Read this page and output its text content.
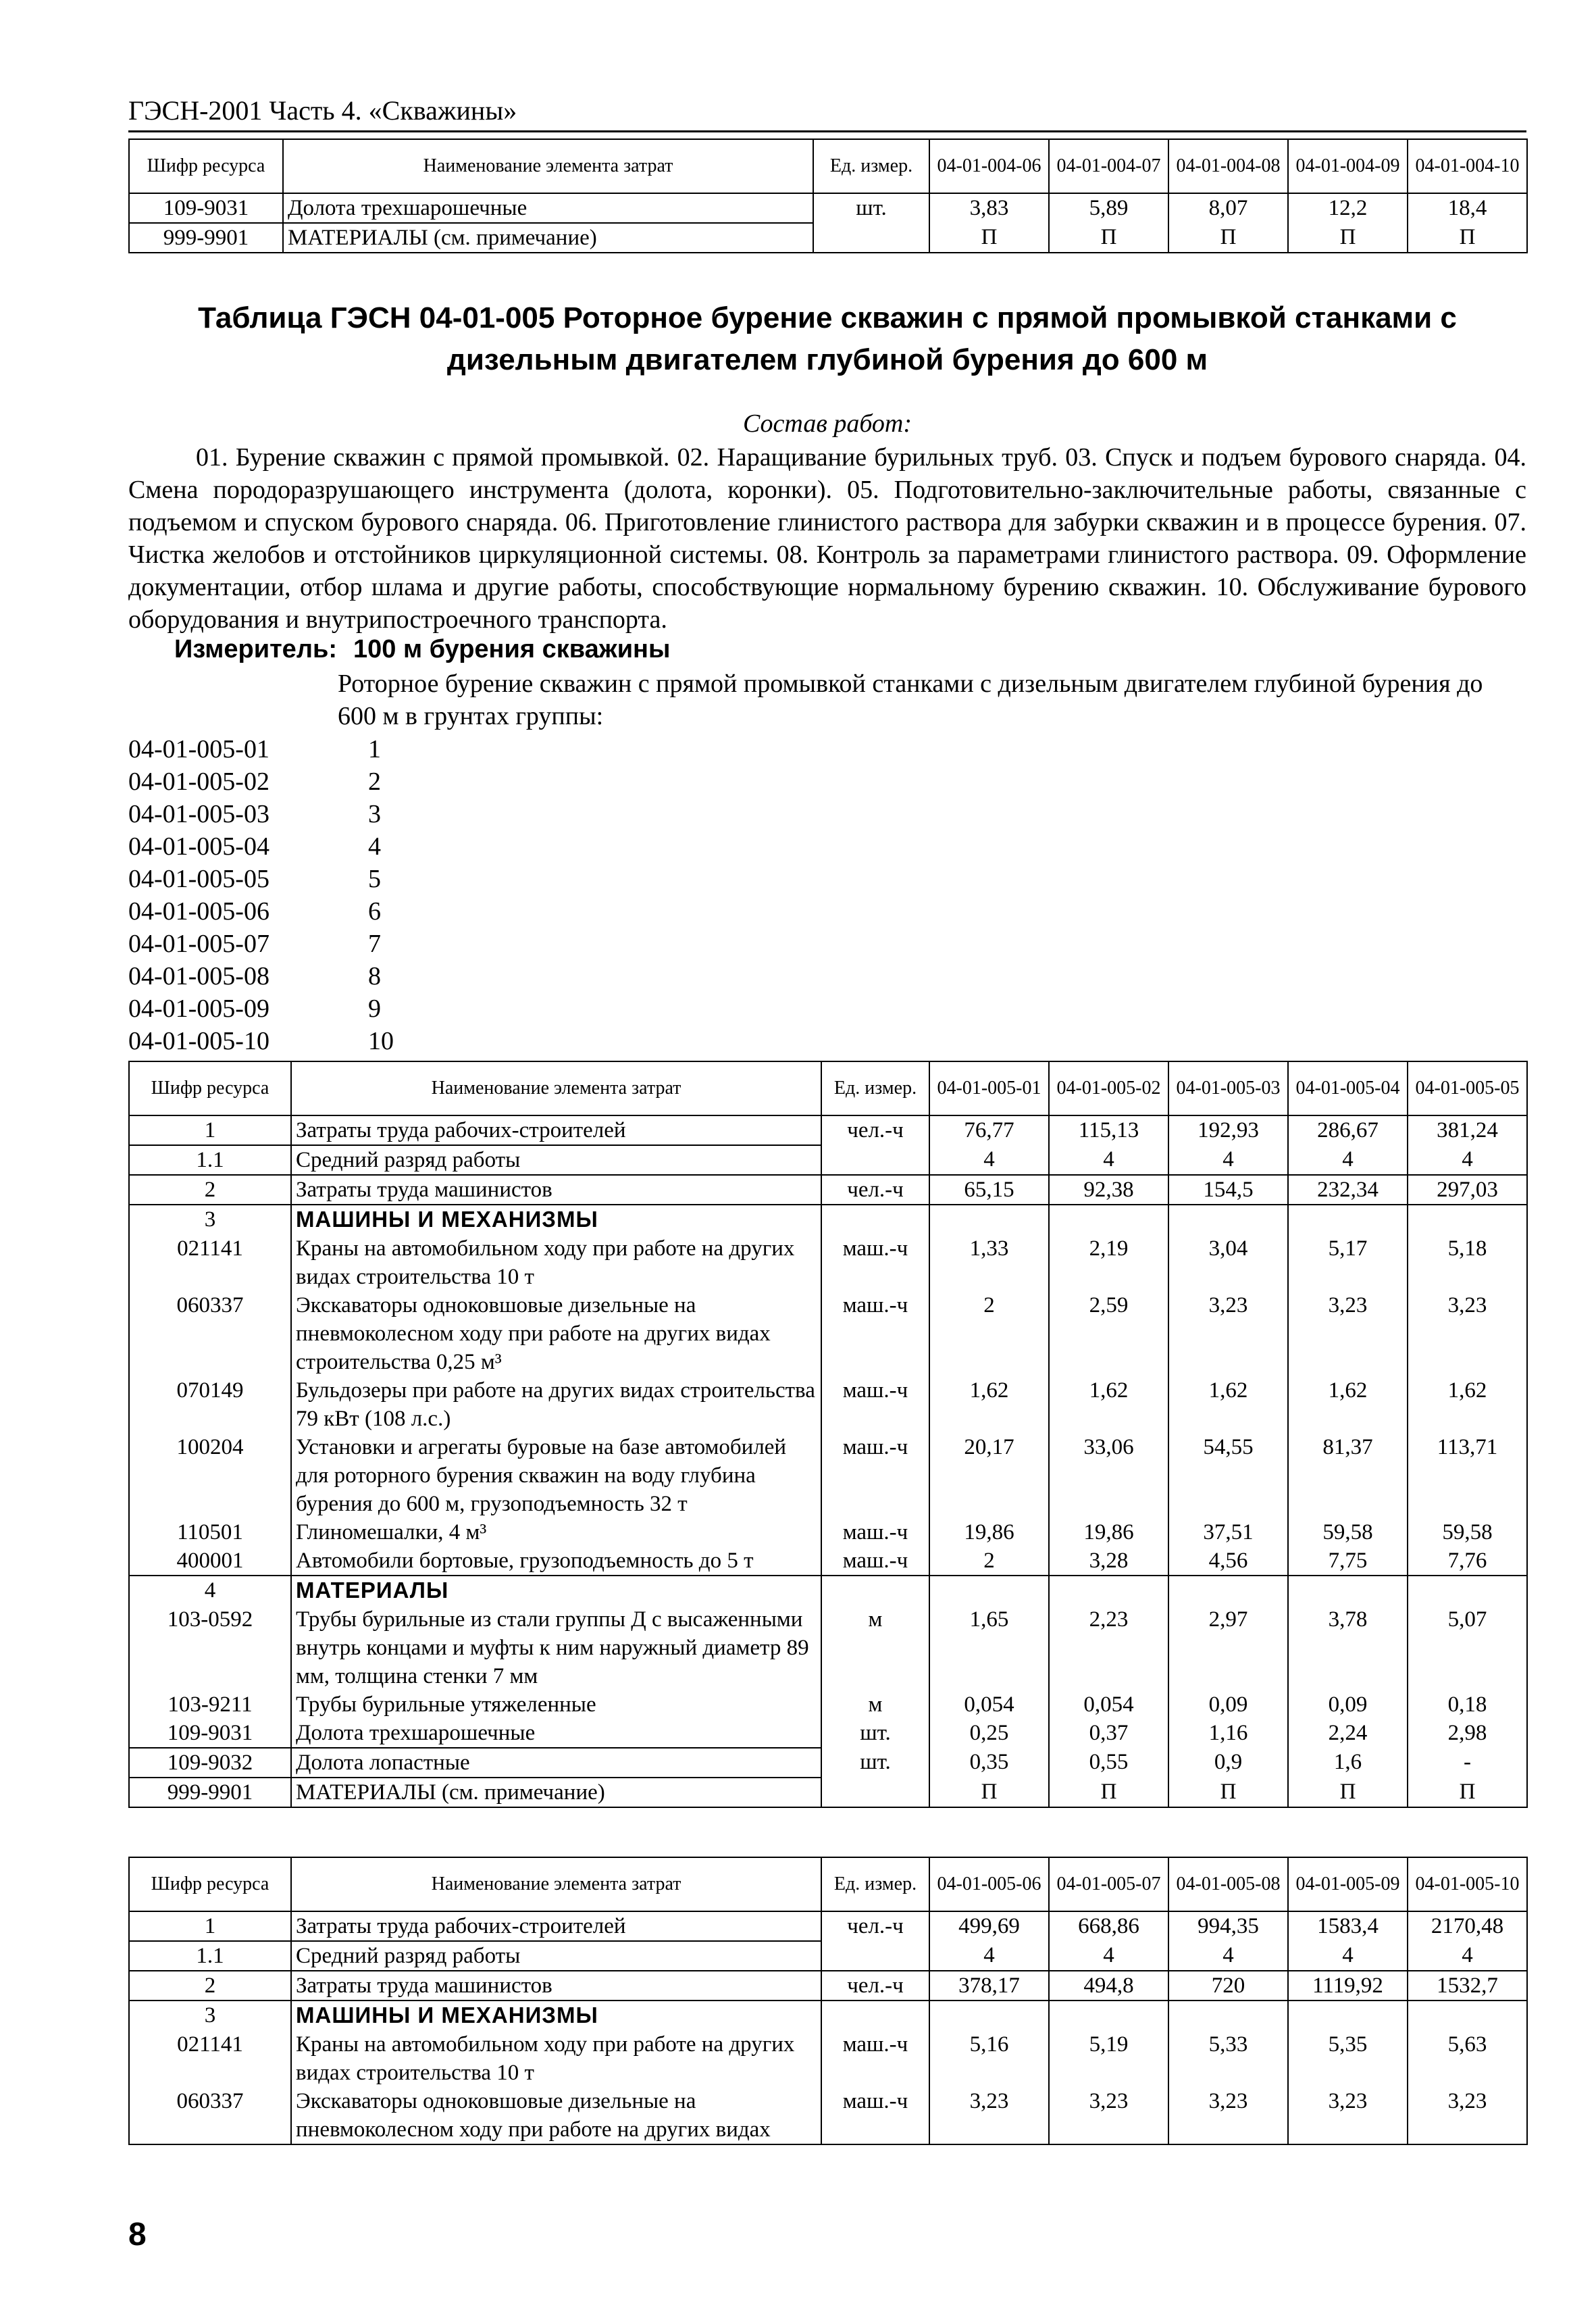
ГЭСН-2001 Часть 4. «Скважины»
Шифр ресурса	Наименование элемента затрат	Ед. измер.	04-01-004-06	04-01-004-07	04-01-004-08	04-01-004-09	04-01-004-10
109-9031	Долота трехшарошечные	шт.	3,83	5,89	8,07	12,2	18,4
999-9901	МАТЕРИАЛЫ (см. примечание)		П	П	П	П	П
Таблица ГЭСН 04-01-005 Роторное бурение скважин с прямой промывкой станками с дизельным двигателем глубиной бурения до 600 м
Состав работ:

01. Бурение скважин с прямой промывкой. 02. Наращивание бурильных труб. 03. Спуск и подъем бурового снаряда. 04. Смена породоразрушающего инструмента (долота, коронки). 05. Подготовительно-заключительные работы, связанные с подъемом и спуском бурового снаряда. 06. Приготовление глинистого раствора для забурки скважин и в процессе бурения. 07. Чистка желобов и отстойников циркуляционной системы. 08. Контроль за параметрами глинистого раствора. 09. Оформление документации, отбор шлама и другие работы, способствующие нормальному бурению скважин. 10. Обслуживание бурового оборудования и внутрипостроечного транспорта.

Измеритель: 100 м бурения скважины

Роторное бурение скважин с прямой промывкой станками с дизельным двигателем глубиной бурения до 600 м в грунтах группы:

04-01-005-01	1
04-01-005-02	2
04-01-005-03	3
04-01-005-04	4
04-01-005-05	5
04-01-005-06	6
04-01-005-07	7
04-01-005-08	8
04-01-005-09	9
04-01-005-10	10
Шифр ресурса	Наименование элемента затрат	Ед. измер.	04-01-005-01	04-01-005-02	04-01-005-03	04-01-005-04	04-01-005-05
1	Затраты труда рабочих-строителей	чел.-ч	76,77	115,13	192,93	286,67	381,24
1.1	Средний разряд работы		4	4	4	4	4
2	Затраты труда машинистов	чел.-ч	65,15	92,38	154,5	232,34	297,03
3	МАШИНЫ И МЕХАНИЗМЫ						
021141	Краны на автомобильном ходу при работе на других видах строительства 10 т	маш.-ч	1,33	2,19	3,04	5,17	5,18
060337	Экскаваторы одноковшовые дизельные на пневмоколесном ходу при работе на других видах строительства 0,25 м³	маш.-ч	2	2,59	3,23	3,23	3,23
070149	Бульдозеры при работе на других видах строительства 79 кВт (108 л.с.)	маш.-ч	1,62	1,62	1,62	1,62	1,62
100204	Установки и агрегаты буровые на базе автомобилей для роторного бурения скважин на воду глубина бурения до 600 м, грузоподъемность 32 т	маш.-ч	20,17	33,06	54,55	81,37	113,71
110501	Глиномешалки, 4 м³	маш.-ч	19,86	19,86	37,51	59,58	59,58
400001	Автомобили бортовые, грузоподъемность до 5 т	маш.-ч	2	3,28	4,56	7,75	7,76
4	МАТЕРИАЛЫ						
103-0592	Трубы бурильные из стали группы Д с высаженными внутрь концами и муфты к ним наружный диаметр 89 мм, толщина стенки 7 мм	м	1,65	2,23	2,97	3,78	5,07
103-9211	Трубы бурильные утяжеленные	м	0,054	0,054	0,09	0,09	0,18
109-9031	Долота трехшарошечные	шт.	0,25	0,37	1,16	2,24	2,98
109-9032	Долота лопастные	шт.	0,35	0,55	0,9	1,6	-
999-9901	МАТЕРИАЛЫ (см. примечание)		П	П	П	П	П
Шифр ресурса	Наименование элемента затрат	Ед. измер.	04-01-005-06	04-01-005-07	04-01-005-08	04-01-005-09	04-01-005-10
1	Затраты труда рабочих-строителей	чел.-ч	499,69	668,86	994,35	1583,4	2170,48
1.1	Средний разряд работы		4	4	4	4	4
2	Затраты труда машинистов	чел.-ч	378,17	494,8	720	1119,92	1532,7
3	МАШИНЫ И МЕХАНИЗМЫ						
021141	Краны на автомобильном ходу при работе на других видах строительства 10 т	маш.-ч	5,16	5,19	5,33	5,35	5,63
060337	Экскаваторы одноковшовые дизельные на пневмоколесном ходу при работе на других видах	маш.-ч	3,23	3,23	3,23	3,23	3,23
8
